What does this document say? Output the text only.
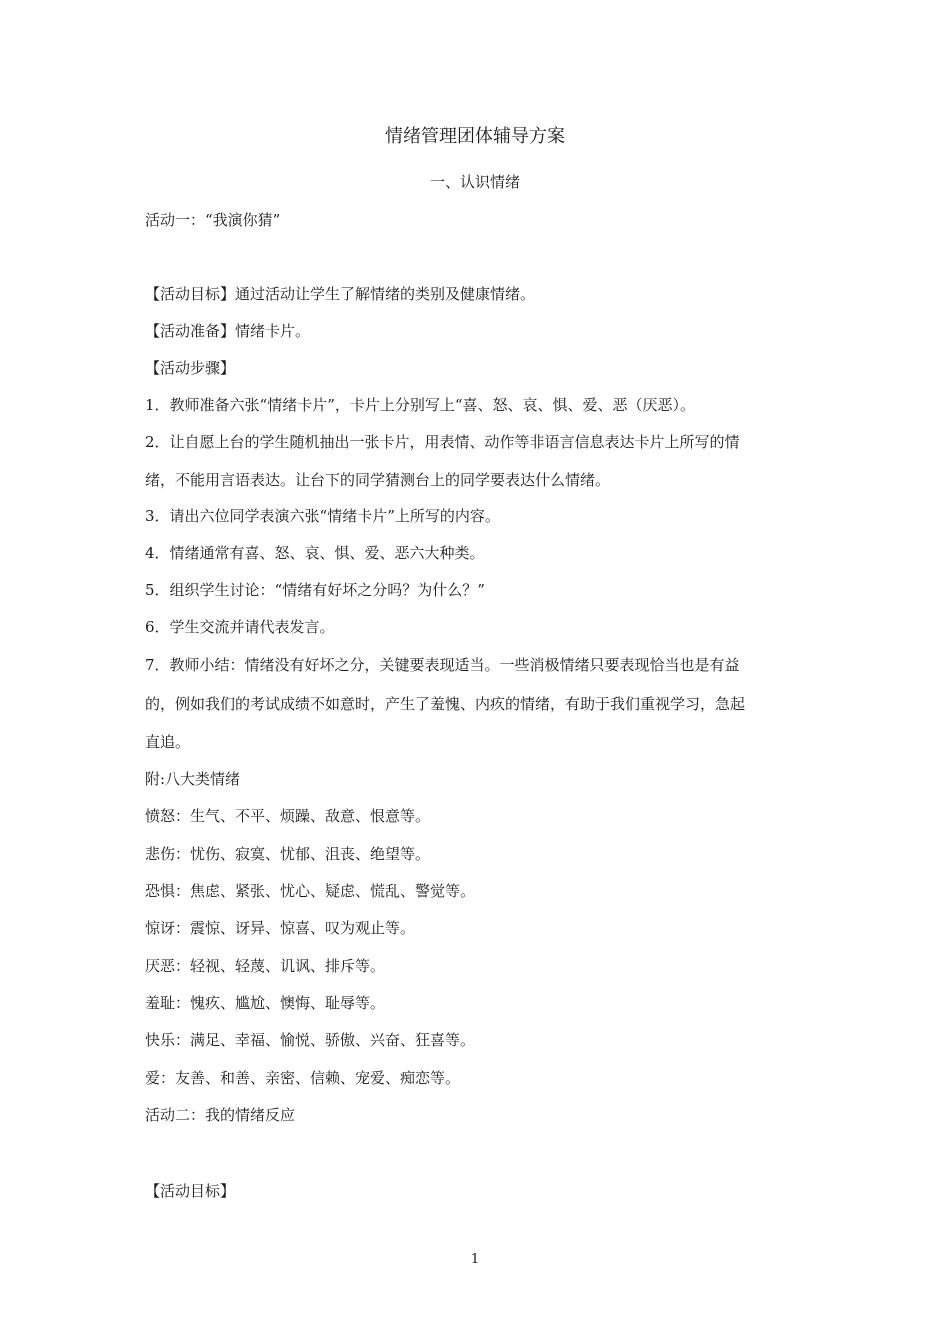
情绪管理团体辅导方案
一、认识情绪
活动一：“我演你猜”
【活动目标】通过活动让学生了解情绪的类别及健康情绪。
【活动准备】情绪卡片。
【活动步骤】
1．教师准备六张“情绪卡片”，卡片上分别写上“喜、怒、哀、惧、爱、恶（厌恶）。
2．让自愿上台的学生随机抽出一张卡片，用表情、动作等非语言信息表达卡片上所写的情
绪，不能用言语表达。让台下的同学猜测台上的同学要表达什么情绪。
3．请出六位同学表演六张“情绪卡片”上所写的内容。
4．情绪通常有喜、怒、哀、惧、爱、恶六大种类。
5．组织学生讨论：“情绪有好坏之分吗？为什么？”
6．学生交流并请代表发言。
7．教师小结：情绪没有好坏之分，关键要表现适当。一些消极情绪只要表现恰当也是有益
的，例如我们的考试成绩不如意时，产生了羞愧、内疚的情绪，有助于我们重视学习，急起
直追。
附:八大类情绪
愤怒：生气、不平、烦躁、敌意、恨意等。
悲伤：忧伤、寂寞、忧郁、沮丧、绝望等。
恐惧：焦虑、紧张、忧心、疑虑、慌乱、警觉等。
惊讶：震惊、讶异、惊喜、叹为观止等。
厌恶：轻视、轻蔑、讥讽、排斥等。
羞耻：愧疚、尴尬、懊悔、耻辱等。
快乐：满足、幸福、愉悦、骄傲、兴奋、狂喜等。
爱：友善、和善、亲密、信赖、宠爱、痴恋等。
活动二：我的情绪反应
【活动目标】
1
